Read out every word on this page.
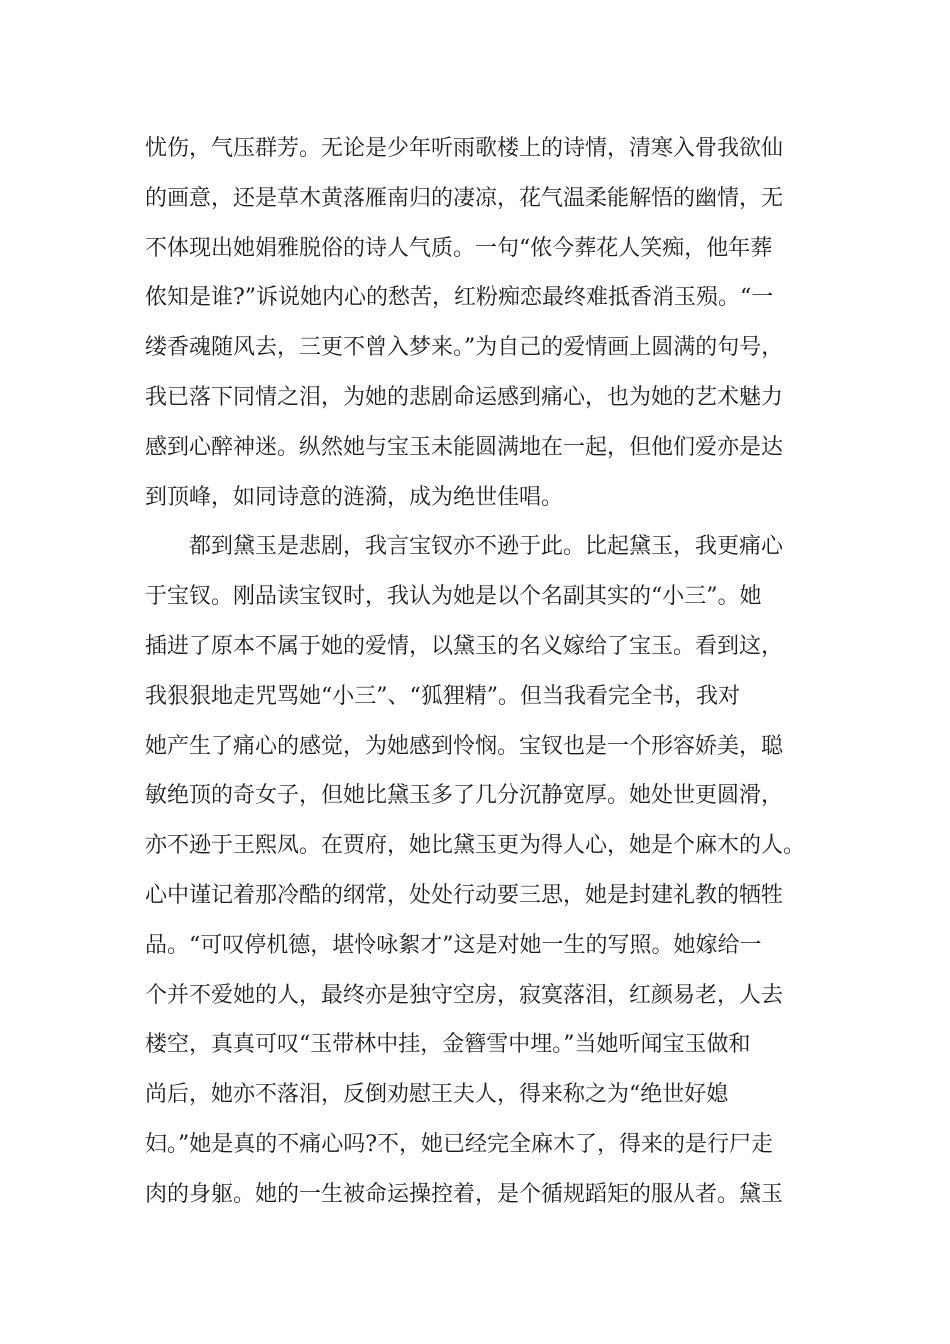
忧伤，气压群芳。无论是少年听雨歌楼上的诗情，清寒入骨我欲仙
的画意，还是草木黄落雁南归的凄凉，花气温柔能解悟的幽情，无
不体现出她娟雅脱俗的诗人气质。一句“侬今葬花人笑痴，他年葬
侬知是谁?”诉说她内心的愁苦，红粉痴恋最终难抵香消玉殒。“一
缕香魂随风去，三更不曾入梦来。”为自己的爱情画上圆满的句号，
我已落下同情之泪，为她的悲剧命运感到痛心，也为她的艺术魅力
感到心醉神迷。纵然她与宝玉未能圆满地在一起，但他们爱亦是达
到顶峰，如同诗意的涟漪，成为绝世佳唱。
都到黛玉是悲剧，我言宝钗亦不逊于此。比起黛玉，我更痛心
于宝钗。刚品读宝钗时，我认为她是以个名副其实的“小三”。她
插进了原本不属于她的爱情，以黛玉的名义嫁给了宝玉。看到这，
我狠狠地走咒骂她“小三”、“狐狸精”。但当我看完全书，我对
她产生了痛心的感觉，为她感到怜悯。宝钗也是一个形容娇美，聪
敏绝顶的奇女子，但她比黛玉多了几分沉静宽厚。她处世更圆滑，
亦不逊于王熙凤。在贾府，她比黛玉更为得人心，她是个麻木的人。
心中谨记着那冷酷的纲常，处处行动要三思，她是封建礼教的牺牲
品。“可叹停机德，堪怜咏絮才”这是对她一生的写照。她嫁给一
个并不爱她的人，最终亦是独守空房，寂寞落泪，红颜易老，人去
楼空，真真可叹“玉带林中挂，金簪雪中埋。”当她听闻宝玉做和
尚后，她亦不落泪，反倒劝慰王夫人，得来称之为“绝世好媳
妇。”她是真的不痛心吗?不，她已经完全麻木了，得来的是行尸走
肉的身躯。她的一生被命运操控着，是个循规蹈矩的服从者。黛玉
